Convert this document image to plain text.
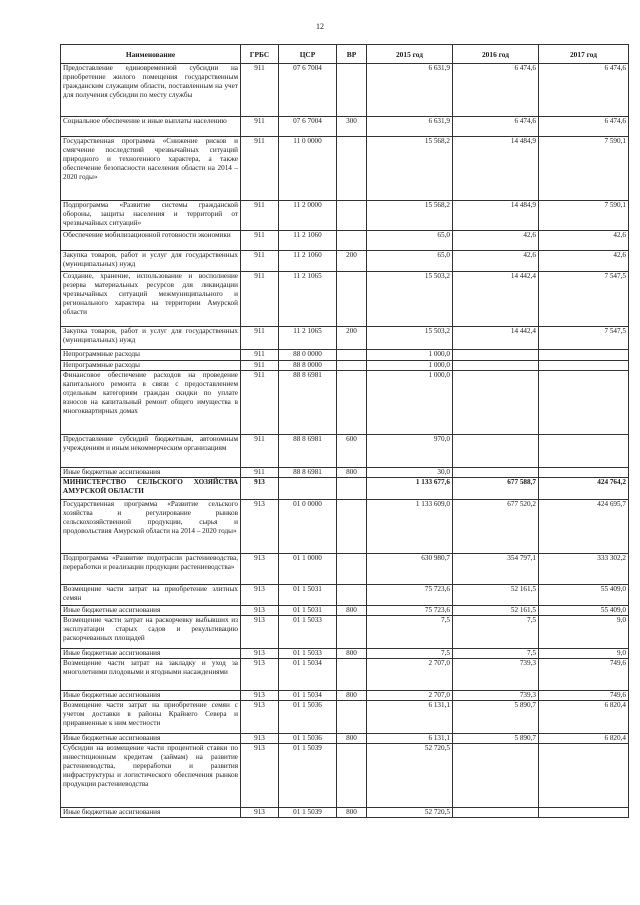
12
Наименование	ГРБС	ЦСР	ВР	2015 год	2016 год	2017 год
Предоставление единовременной субсидии на приобретение жилого помещения государственным гражданским служащим области, поставленным на учет для получения субсидии по месту службы	911	07 6 7004		6 631,9	6 474,6	6 474,6
Социальное обеспечение и иные выплаты населению	911	07 6 7004	300	6 631,9	6 474,6	6 474,6
Государственная программа «Снижение рисков и смягчение последствий чрезвычайных ситуаций природного и техногенного характера, а также обеспечение безопасности населения области на 2014 – 2020 годы»	911	11 0 0000		15 568,2	14 484,9	7 590,1
Подпрограмма «Развитие системы гражданской обороны, защиты населения и территорий от чрезвычайных ситуаций»	911	11 2 0000		15 568,2	14 484,9	7 590,1
Обеспечение мобилизационной готовности экономики	911	11 2 1060		65,0	42,6	42,6
Закупка товаров, работ и услуг для государственных (муниципальных) нужд	911	11 2 1060	200	65,0	42,6	42,6
Создание, хранение, использование и восполнение резерва материальных ресурсов для ликвидации чрезвычайных ситуаций межмуниципального и регионального характера на территории Амурской области	911	11 2 1065		15 503,2	14 442,4	7 547,5
Закупка товаров, работ и услуг для государственных (муниципальных) нужд	911	11 2 1065	200	15 503,2	14 442,4	7 547,5
Непрограммные расходы	911	88 0 0000		1 000,0		
Непрограммные расходы	911	88 8 0000		1 000,0		
Финансовое обеспечение расходов на проведение капитального ремонта в связи с предоставлением отдельным категориям граждан скидки по уплате взносов на капитальный ремонт общего имущества в многоквартирных домах	911	88 8 6981		1 000,0		
Предоставление субсидий бюджетным, автономным учреждениям и иным некоммерческим организациям	911	88 8 6981	600	970,0		
Иные бюджетные ассигнования	911	88 8 6981	800	30,0		
МИНИСТЕРСТВО СЕЛЬСКОГО ХОЗЯЙСТВА АМУРСКОЙ ОБЛАСТИ	913			1 133 677,6	677 588,7	424 764,2
Государственная программа «Развитие сельского хозяйства и регулирование рынков сельскохозяйственной продукции, сырья и продовольствия Амурской области на 2014 – 2020 годы»	913	01 0 0000		1 133 609,0	677 520,2	424 695,7
Подпрограмма «Развитие подотрасли растениеводства, переработки и реализации продукции растениеводства»	913	01 1 0000		630 980,7	354 797,1	333 302,2
Возмещение части затрат на приобретение элитных семян	913	01 1 5031		75 723,6	52 161,5	55 409,0
Иные бюджетные ассигнования	913	01 1 5031	800	75 723,6	52 161,5	55 409,0
Возмещение части затрат на раскорчевку выбывших из эксплуатации старых садов и рекультивацию раскорчеванных площадей	913	01 1 5033		7,5	7,5	9,0
Иные бюджетные ассигнования	913	01 1 5033	800	7,5	7,5	9,0
Возмещение части затрат на закладку и уход за многолетними плодовыми и ягодными насаждениями	913	01 1 5034		2 707,0	739,3	749,6
Иные бюджетные ассигнования	913	01 1 5034	800	2 707,0	739,3	749,6
Возмещение части затрат на приобретение семян с учетом доставки в районы Крайнего Севера и приравненные к ним местности	913	01 1 5036		6 131,1	5 890,7	6 820,4
Иные бюджетные ассигнования	913	01 1 5036	800	6 131,1	5 890,7	6 820,4
Субсидии на возмещение части процентной ставки по инвестиционным кредитам (займам) на развитие растениеводства, переработки и развития инфраструктуры и логистического обеспечения рынков продукции растениеводства	913	01 1 5039		52 720,5		
Иные бюджетные ассигнования	913	01 1 5039	800	52 720,5		
